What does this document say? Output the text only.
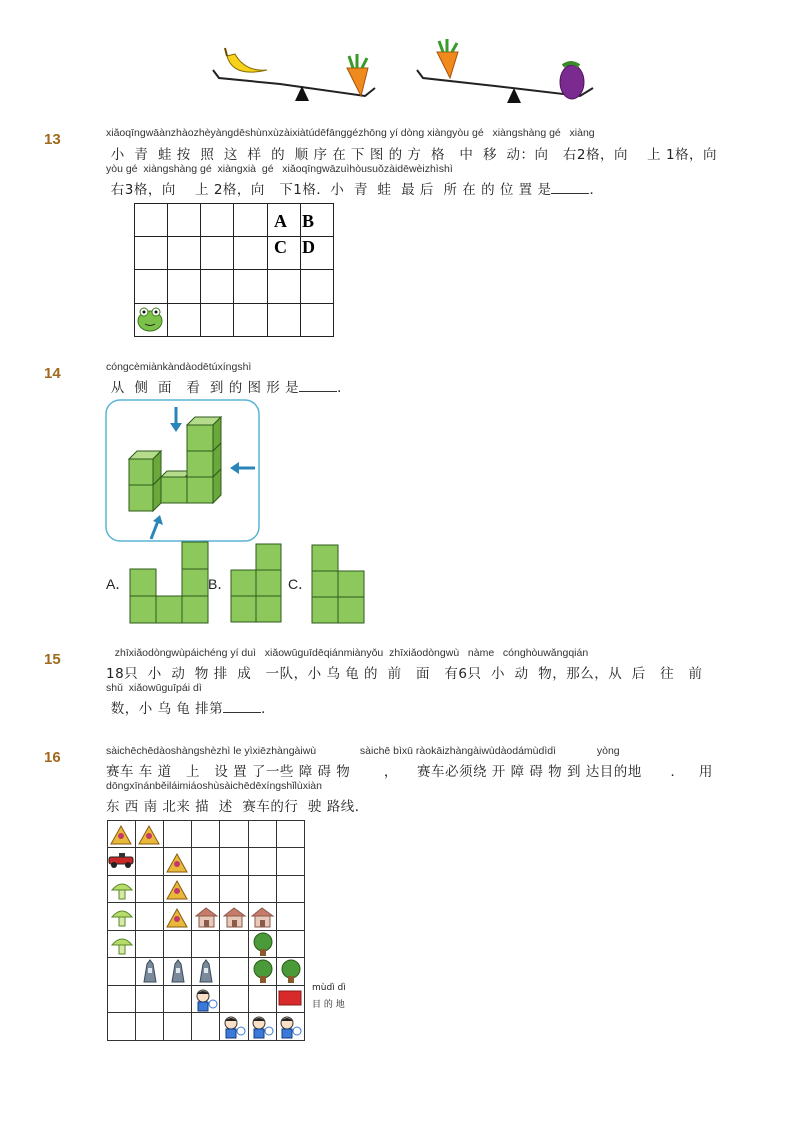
13	xiǎoqīngwāànzhàozhèyàngdēshùnxùzàixiàtúdēfānggézhōng yí dòng xiàngyòu gé   xiàngshàng gé   xiàng
小  青  蛙 按  照  这  样  的  顺 序 在 下 图 的 方  格   中  移  动：向   右2格，向    上 1格，向
yòu gé  xiàngshàng gé  xiàngxià  gé   xiǎoqīngwāzuìhòusuǒzàidēwèizhìshì
右3格，向    上 2格，向   下1格．小  青  蛙  最 后  所 在 的 位 置 是	．
A B
C D
14	cóngcèmiànkàndàodētúxíngshì
从  侧  面   看  到 的 图 形 是	．
A．	B．	C．
15	zhīxiǎodòngwùpáichéng yí duì   xiǎowūguīdēqiánmiànyǒu  zhīxiǎodòngwù   nàme   cónghòuwǎngqián
18只  小  动  物 排  成   一队，小 乌 龟 的  前   面   有6只  小  动  物，那么，从  后   往   前
shǔ  xiǎowūguīpái dì
数，小 乌 龟 排第	．
16	sàichēchēdàoshàngshèzhì le yìxiēzhàngàiwù               sàichē bìxū ràokāizhàngàiwùdàodámùdìdì              yòng
赛车 车 道   上   设 置 了一些 障 碍 物       ，    赛车必须绕 开 障 碍 物 到 达目的地      ．   用
dōngxīnánběiláimiáoshùsàichēdēxíngshǐlùxiàn
东 西 南 北来 描  述  赛车的行  驶 路线．
mùdì dì
目 的 地
